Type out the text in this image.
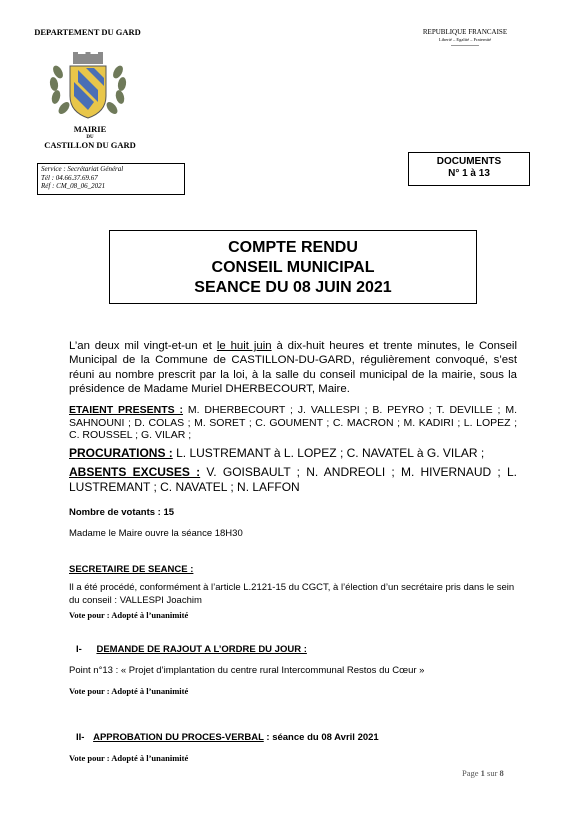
DEPARTEMENT DU GARD
MAIRIE
DU
CASTILLON DU GARD
REPUBLIQUE FRANCAISE
Liberté – Egalité – Fraternité
Service : Secrétariat Général
Tél : 04.66.37.69.67
Réf : CM_08_06_2021
DOCUMENTS
N° 1 à 13
COMPTE RENDU
CONSEIL MUNICIPAL
SEANCE DU 08 JUIN 2021
L’an deux mil vingt-et-un et le huit juin à dix-huit heures et trente minutes, le Conseil Municipal de la Commune de CASTILLON-DU-GARD, régulièrement convoqué, s’est réuni au nombre prescrit par la loi, à la salle du conseil municipal de la mairie, sous la présidence de Madame Muriel DHERBECOURT, Maire.
ETAIENT PRESENTS : M. DHERBECOURT ; J. VALLESPI ; B. PEYRO ; T. DEVILLE ; M. SAHNOUNI ; D. COLAS ; M. SORET ; C. GOUMENT ; C. MACRON ; M. KADIRI ; L. LOPEZ ; C. ROUSSEL ; G. VILAR ;
PROCURATIONS : L. LUSTREMANT à L. LOPEZ ; C. NAVATEL à G. VILAR ;
ABSENTS EXCUSES : V. GOISBAULT ; N. ANDREOLI ; M. HIVERNAUD ; L. LUSTREMANT ; C. NAVATEL ; N. LAFFON
Nombre de votants : 15
Madame le Maire ouvre la séance 18H30
SECRETAIRE DE SEANCE :
Il a été procédé, conformément à l’article L.2121-15 du CGCT, à l’élection d’un secrétaire pris dans le sein du conseil : VALLESPI Joachim
Vote pour : Adopté à l’unanimité
I- DEMANDE DE RAJOUT A L’ORDRE DU JOUR :
Point n°13 : « Projet d’implantation du centre rural Intercommunal Restos du Cœur »
Vote pour : Adopté à l’unanimité
II- APPROBATION DU PROCES-VERBAL : séance du 08 Avril 2021
Vote pour : Adopté à l’unanimité
Page 1 sur 8
